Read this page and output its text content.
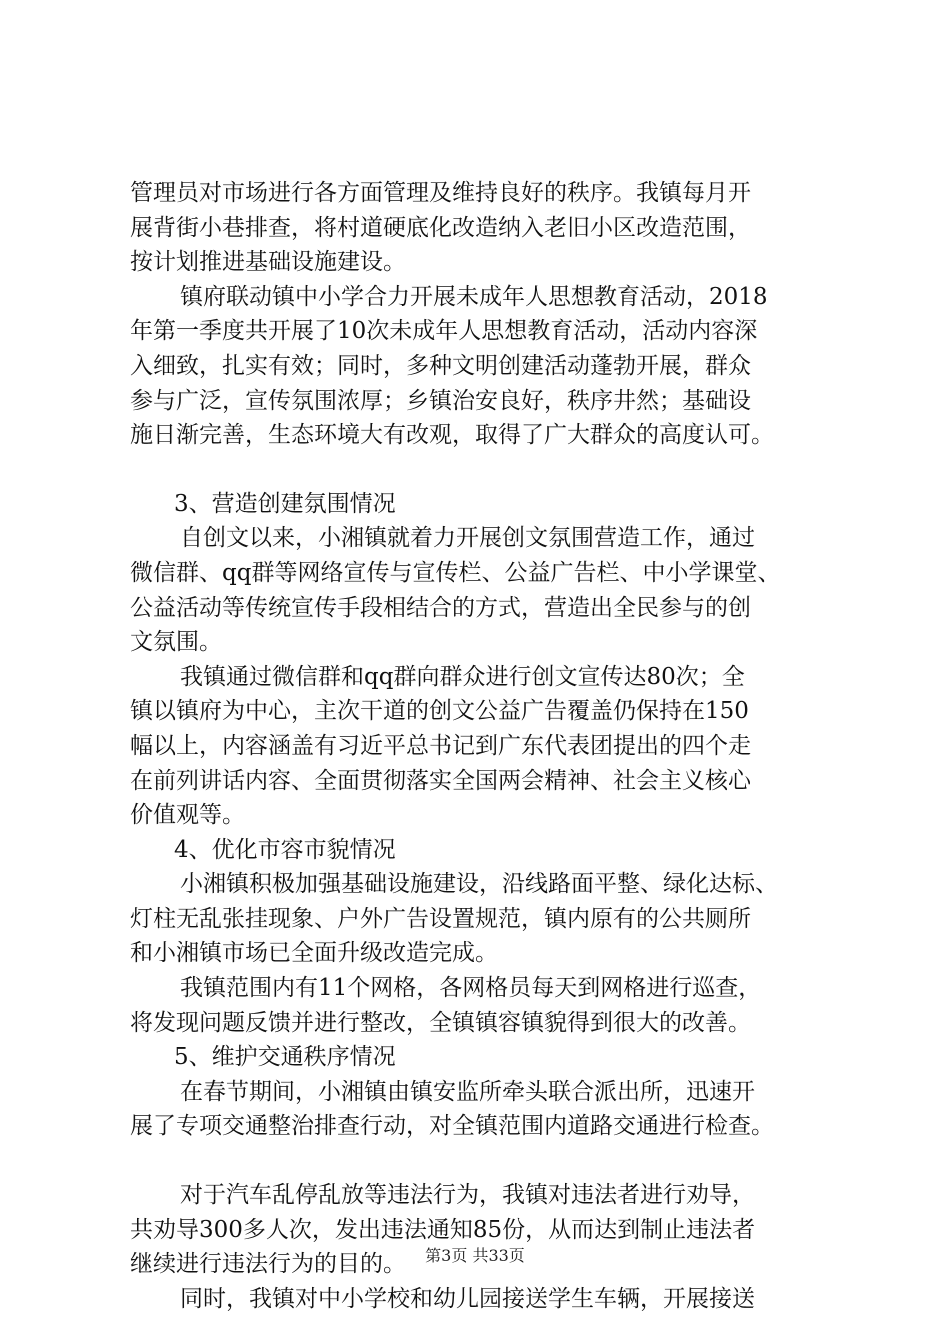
管理员对市场进行各方面管理及维持良好的秩序。我镇每月开
展背街小巷排查，将村道硬底化改造纳入老旧小区改造范围，
按计划推进基础设施建设。
镇府联动镇中小学合力开展未成年人思想教育活动，2018
年第一季度共开展了10次未成年人思想教育活动，活动内容深
入细致，扎实有效；同时，多种文明创建活动蓬勃开展，群众
参与广泛，宣传氛围浓厚；乡镇治安良好，秩序井然；基础设
施日渐完善，生态环境大有改观，取得了广大群众的高度认可。
3、营造创建氛围情况
自创文以来，小湘镇就着力开展创文氛围营造工作，通过
微信群、qq群等网络宣传与宣传栏、公益广告栏、中小学课堂、
公益活动等传统宣传手段相结合的方式，营造出全民参与的创
文氛围。
我镇通过微信群和qq群向群众进行创文宣传达80次；全
镇以镇府为中心，主次干道的创文公益广告覆盖仍保持在150
幅以上，内容涵盖有习近平总书记到广东代表团提出的四个走
在前列讲话内容、全面贯彻落实全国两会精神、社会主义核心
价值观等。
4、优化市容市貌情况
小湘镇积极加强基础设施建设，沿线路面平整、绿化达标、
灯柱无乱张挂现象、户外广告设置规范，镇内原有的公共厕所
和小湘镇市场已全面升级改造完成。
我镇范围内有11个网格，各网格员每天到网格进行巡查，
将发现问题反馈并进行整改，全镇镇容镇貌得到很大的改善。
5、维护交通秩序情况
在春节期间，小湘镇由镇安监所牵头联合派出所，迅速开
展了专项交通整治排查行动，对全镇范围内道路交通进行检查。
对于汽车乱停乱放等违法行为，我镇对违法者进行劝导，
共劝导300多人次，发出违法通知85份，从而达到制止违法者
继续进行违法行为的目的。
同时，我镇对中小学校和幼儿园接送学生车辆，开展接送
第3页 共33页
